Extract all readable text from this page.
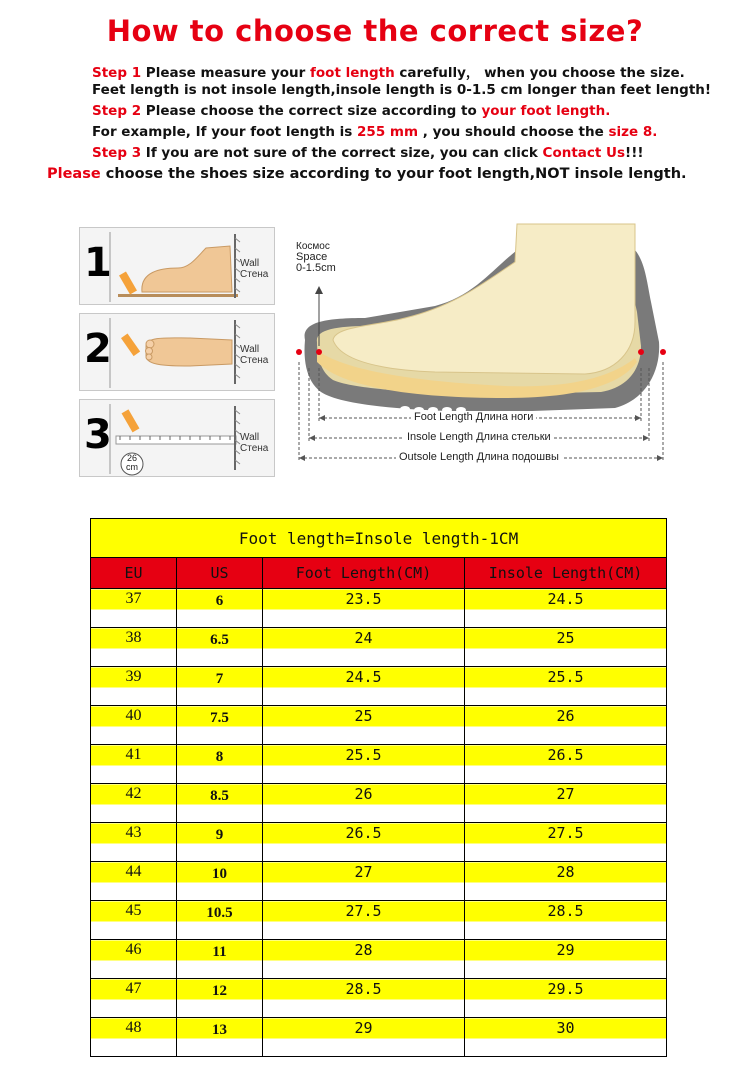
How to choose the correct size?
Step 1 Please measure your foot length carefully， when you choose the size.
Feet length is not insole length,insole length is 0-1.5 cm longer than feet length!
Step 2 Please choose the correct size according to your foot length.
For example, If your foot length is 255 mm , you should choose the size 8.
Step 3 If you are not sure of the correct size, you can click Contact Us!!!
Please choose the shoes size according to your foot length,NOT insole length.
1	Wall
Стена
2	Wall
Стена
3	26
cm
Wall
Стена
Космос
Space
0-1.5cm
Foot Length Длина ноги
Insole Length Длина стельки
Outsole Length Длина подошвы
Foot length=Insole length-1CM			
EU	US	Foot Length(CM)	Insole Length(CM)
37	6	23.5	24.5
38	6.5	24	25
39	7	24.5	25.5
40	7.5	25	26
41	8	25.5	26.5
42	8.5	26	27
43	9	26.5	27.5
44	10	27	28
45	10.5	27.5	28.5
46	11	28	29
47	12	28.5	29.5
48	13	29	30
